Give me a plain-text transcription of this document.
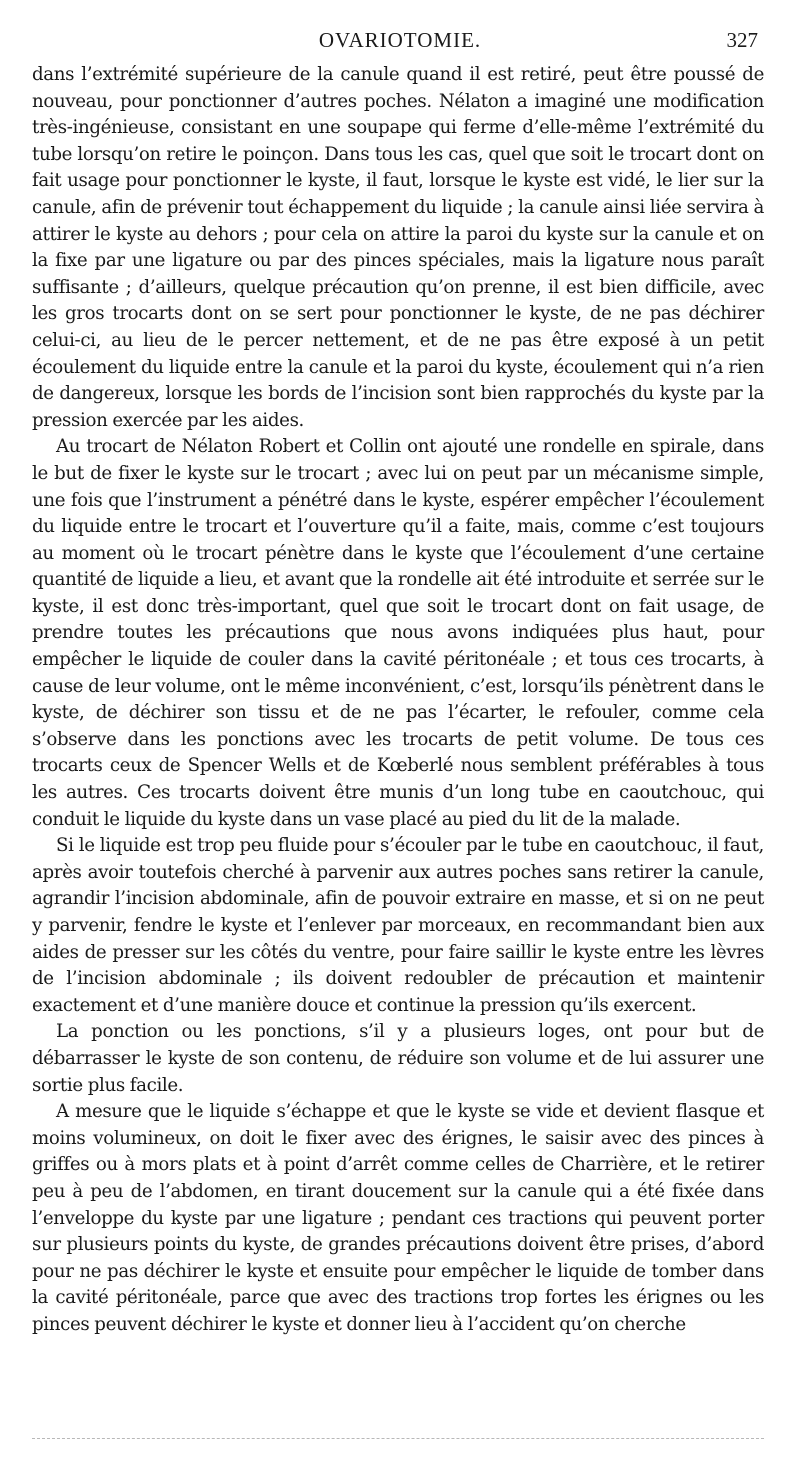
OVARIOTOMIE.	327

dans l’extrémité supérieure de la canule quand il est retiré, peut être poussé de nouveau, pour ponctionner d’autres poches. Nélaton a imaginé une modification très-ingénieuse, consistant en une soupape qui ferme d’elle-même l’extrémité du tube lorsqu’on retire le poinçon. Dans tous les cas, quel que soit le trocart dont on fait usage pour ponctionner le kyste, il faut, lorsque le kyste est vidé, le lier sur la canule, afin de prévenir tout échappement du liquide ; la canule ainsi liée servira à attirer le kyste au dehors ; pour cela on attire la paroi du kyste sur la canule et on la fixe par une ligature ou par des pinces spéciales, mais la ligature nous paraît suffisante ; d’ailleurs, quelque précaution qu’on prenne, il est bien difficile, avec les gros trocarts dont on se sert pour ponctionner le kyste, de ne pas déchirer celui-ci, au lieu de le percer nettement, et de ne pas être exposé à un petit écoulement du liquide entre la canule et la paroi du kyste, écoulement qui n’a rien de dangereux, lorsque les bords de l’incision sont bien rapprochés du kyste par la pression exercée par les aides.

Au trocart de Nélaton Robert et Collin ont ajouté une rondelle en spirale, dans le but de fixer le kyste sur le trocart ; avec lui on peut par un mécanisme simple, une fois que l’instrument a pénétré dans le kyste, espérer empêcher l’écoulement du liquide entre le trocart et l’ouverture qu’il a faite, mais, comme c’est toujours au moment où le trocart pénètre dans le kyste que l’écoulement d’une certaine quantité de liquide a lieu, et avant que la rondelle ait été introduite et serrée sur le kyste, il est donc très-important, quel que soit le trocart dont on fait usage, de prendre toutes les précautions que nous avons indiquées plus haut, pour empêcher le liquide de couler dans la cavité péritonéale ; et tous ces trocarts, à cause de leur volume, ont le même inconvénient, c’est, lorsqu’ils pénètrent dans le kyste, de déchirer son tissu et de ne pas l’écarter, le refouler, comme cela s’observe dans les ponctions avec les trocarts de petit volume. De tous ces trocarts ceux de Spencer Wells et de Kœberlé nous semblent préférables à tous les autres. Ces trocarts doivent être munis d’un long tube en caoutchouc, qui conduit le liquide du kyste dans un vase placé au pied du lit de la malade.

Si le liquide est trop peu fluide pour s’écouler par le tube en caoutchouc, il faut, après avoir toutefois cherché à parvenir aux autres poches sans retirer la canule, agrandir l’incision abdominale, afin de pouvoir extraire en masse, et si on ne peut y parvenir, fendre le kyste et l’enlever par morceaux, en recommandant bien aux aides de presser sur les côtés du ventre, pour faire saillir le kyste entre les lèvres de l’incision abdominale ; ils doivent redoubler de précaution et maintenir exactement et d’une manière douce et continue la pression qu’ils exercent.

La ponction ou les ponctions, s’il y a plusieurs loges, ont pour but de débarrasser le kyste de son contenu, de réduire son volume et de lui assurer une sortie plus facile.

A mesure que le liquide s’échappe et que le kyste se vide et devient flasque et moins volumineux, on doit le fixer avec des érignes, le saisir avec des pinces à griffes ou à mors plats et à point d’arrêt comme celles de Charrière, et le retirer peu à peu de l’abdomen, en tirant doucement sur la canule qui a été fixée dans l’enveloppe du kyste par une ligature ; pendant ces tractions qui peuvent porter sur plusieurs points du kyste, de grandes précautions doivent être prises, d’abord pour ne pas déchirer le kyste et ensuite pour empêcher le liquide de tomber dans la cavité péritonéale, parce que avec des tractions trop fortes les érignes ou les pinces peuvent déchirer le kyste et donner lieu à l’accident qu’on cherche
